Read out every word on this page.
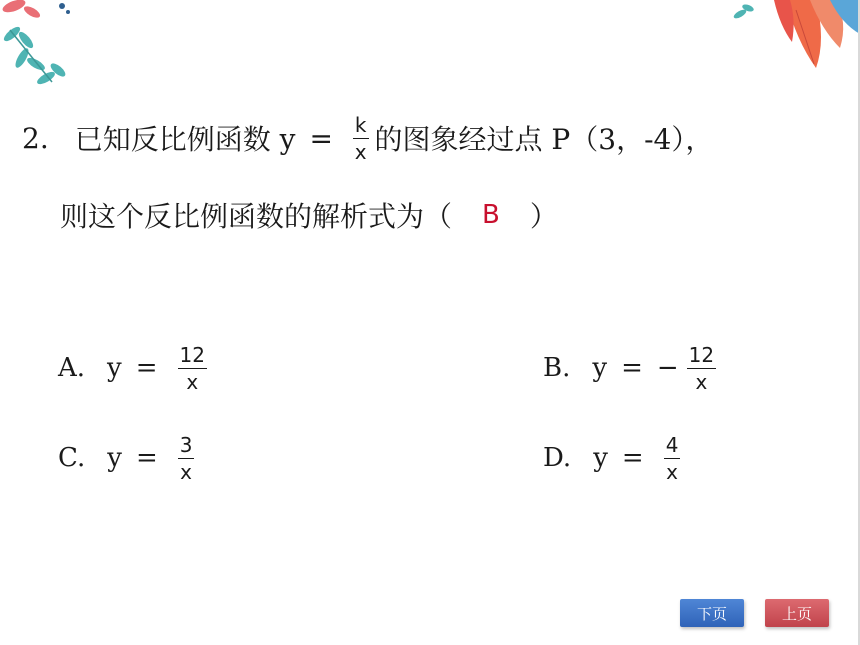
2. 已知反比例函数 $y = \frac{k}{x}$ 的图象经过点 P（3，-4），
则这个反比例函数的解析式为（ B ）
A. $y = \frac{12}{x}$	B. y = − $\frac{12}{x}$
C. $y = \frac{3}{x}$	D. $y = \frac{4}{x}$
下页	上页
